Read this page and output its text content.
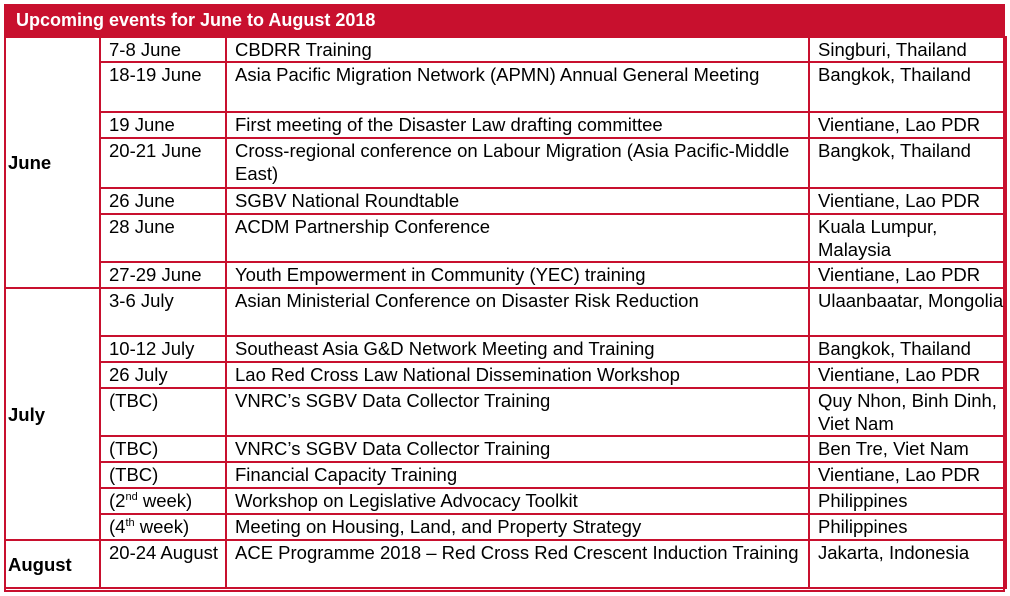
Upcoming events for June to August 2018
June	7-8 June	CBDRR Training	Singburi, Thailand
	18-19 June	Asia Pacific Migration Network (APMN) Annual General Meeting	Bangkok, Thailand
	19 June	First meeting of the Disaster Law drafting committee	Vientiane, Lao PDR
	20-21 June	Cross-regional conference on Labour Migration (Asia Pacific-Middle East)	Bangkok, Thailand
	26 June	SGBV National Roundtable	Vientiane, Lao PDR
	28 June	ACDM Partnership Conference	Kuala Lumpur, Malaysia
	27-29 June	Youth Empowerment in Community (YEC) training	Vientiane, Lao PDR
July	3-6 July	Asian Ministerial Conference on Disaster Risk Reduction	Ulaanbaatar, Mongolia
	10-12 July	Southeast Asia G&D Network Meeting and Training	Bangkok, Thailand
	26 July	Lao Red Cross Law National Dissemination Workshop	Vientiane, Lao PDR
	(TBC)	VNRC’s SGBV Data Collector Training	Quy Nhon, Binh Dinh, Viet Nam
	(TBC)	VNRC’s SGBV Data Collector Training	Ben Tre, Viet Nam
	(TBC)	Financial Capacity Training	Vientiane, Lao PDR
	(2nd week)	Workshop on Legislative Advocacy Toolkit	Philippines
	(4th week)	Meeting on Housing, Land, and Property Strategy	Philippines
August	20-24 August	ACE Programme 2018 – Red Cross Red Crescent Induction Training	Jakarta, Indonesia
